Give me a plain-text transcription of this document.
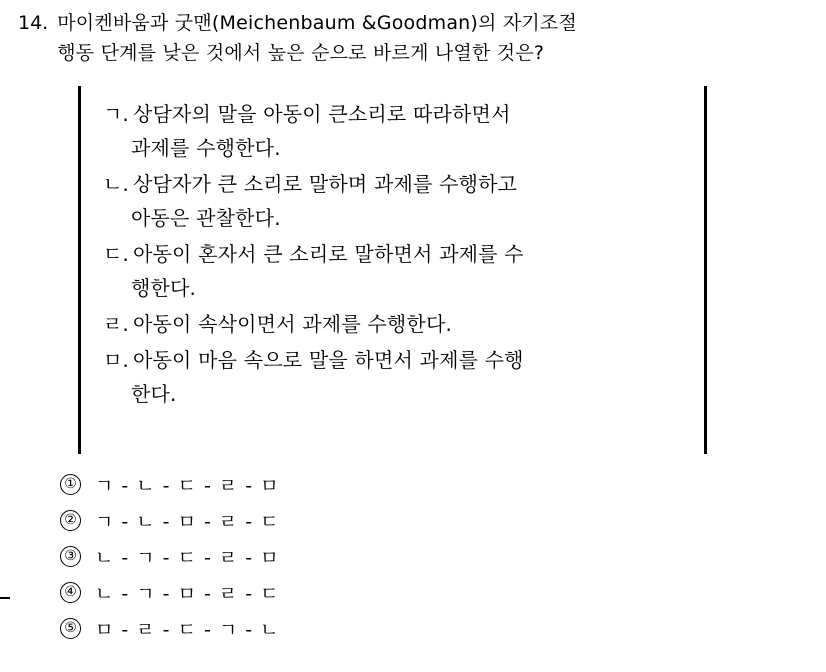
14. 마이켄바움과 굿맨(Meichenbaum &Goodman)의 자기조절
행동 단계를 낮은 것에서 높은 순으로 바르게 나열한 것은?
ㄱ. 상담자의 말을 아동이 큰소리로 따라하면서
과제를 수행한다.
ㄴ. 상담자가 큰 소리로 말하며 과제를 수행하고
아동은 관찰한다.
ㄷ. 아동이 혼자서 큰 소리로 말하면서 과제를 수
행한다.
ㄹ. 아동이 속삭이면서 과제를 수행한다.
ㅁ. 아동이 마음 속으로 말을 하면서 과제를 수행
한다.
① ㄱ - ㄴ - ㄷ - ㄹ - ㅁ
② ㄱ - ㄴ - ㅁ - ㄹ - ㄷ
③ ㄴ - ㄱ - ㄷ - ㄹ - ㅁ
④ ㄴ - ㄱ - ㅁ - ㄹ - ㄷ
⑤ ㅁ - ㄹ - ㄷ - ㄱ - ㄴ
